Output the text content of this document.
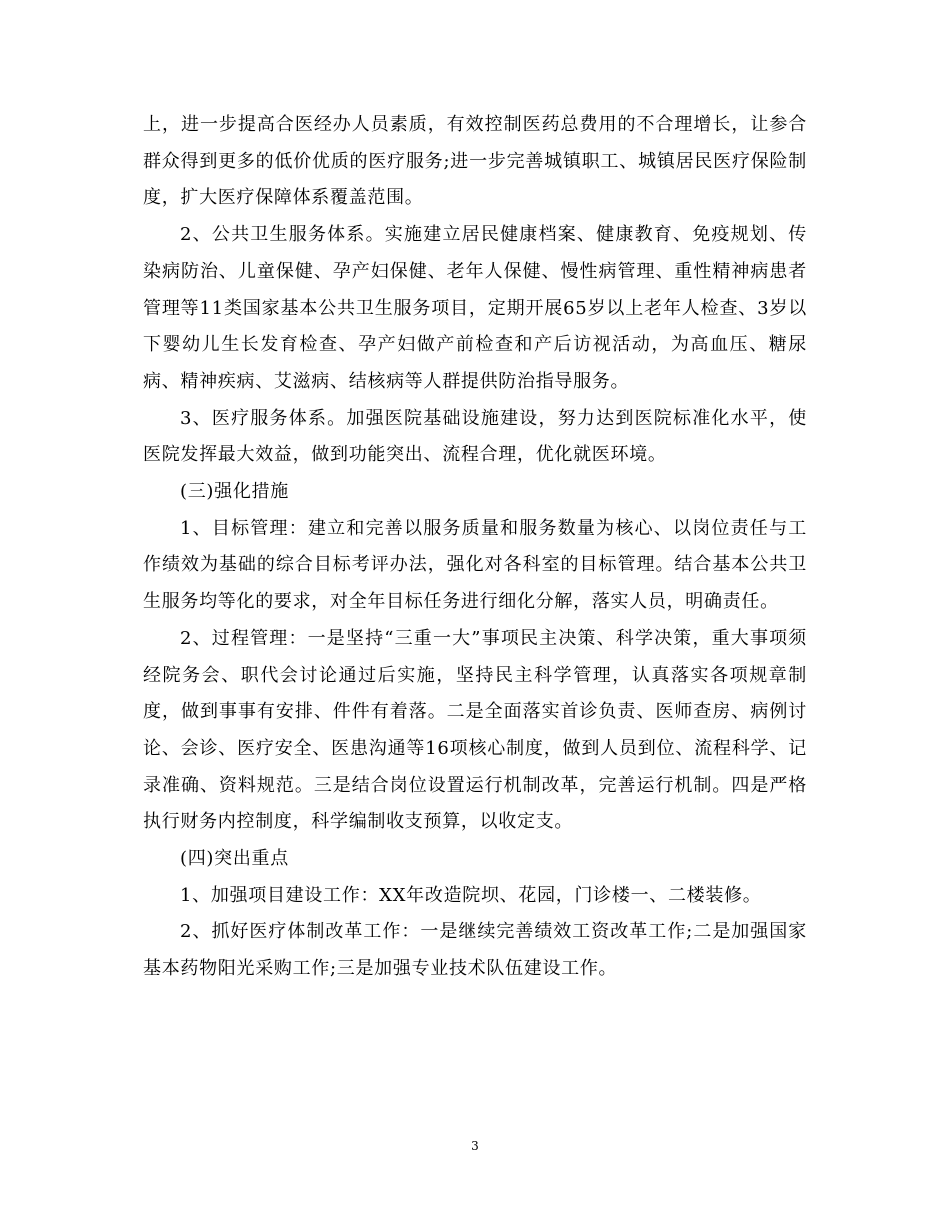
上，进一步提高合医经办人员素质，有效控制医药总费用的不合理增长，让参合群众得到更多的低价优质的医疗服务;进一步完善城镇职工、城镇居民医疗保险制度，扩大医疗保障体系覆盖范围。

2、公共卫生服务体系。实施建立居民健康档案、健康教育、免疫规划、传染病防治、儿童保健、孕产妇保健、老年人保健、慢性病管理、重性精神病患者管理等11类国家基本公共卫生服务项目，定期开展65岁以上老年人检查、3岁以下婴幼儿生长发育检查、孕产妇做产前检查和产后访视活动，为高血压、糖尿病、精神疾病、艾滋病、结核病等人群提供防治指导服务。

3、医疗服务体系。加强医院基础设施建设，努力达到医院标准化水平，使医院发挥最大效益，做到功能突出、流程合理，优化就医环境。

(三)强化措施

1、目标管理：建立和完善以服务质量和服务数量为核心、以岗位责任与工作绩效为基础的综合目标考评办法，强化对各科室的目标管理。结合基本公共卫生服务均等化的要求，对全年目标任务进行细化分解，落实人员，明确责任。

2、过程管理：一是坚持“三重一大”事项民主决策、科学决策，重大事项须经院务会、职代会讨论通过后实施，坚持民主科学管理，认真落实各项规章制度，做到事事有安排、件件有着落。二是全面落实首诊负责、医师查房、病例讨论、会诊、医疗安全、医患沟通等16项核心制度，做到人员到位、流程科学、记录准确、资料规范。三是结合岗位设置运行机制改革，完善运行机制。四是严格执行财务内控制度，科学编制收支预算，以收定支。

(四)突出重点

1、加强项目建设工作：XX年改造院坝、花园，门诊楼一、二楼装修。

2、抓好医疗体制改革工作：一是继续完善绩效工资改革工作;二是加强国家基本药物阳光采购工作;三是加强专业技术队伍建设工作。

3
